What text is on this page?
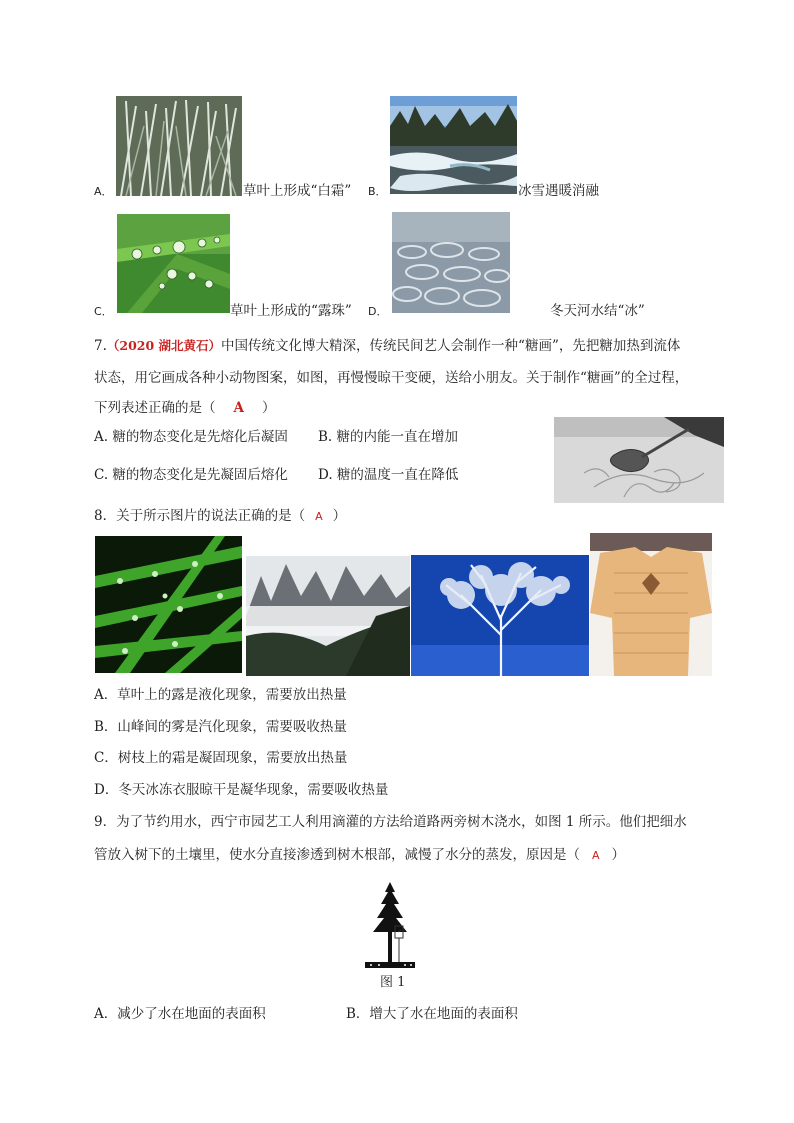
A．	草叶上形成“白霜” B．	冰雪遇暖消融
C．	草叶上形成的“露珠” D．	冬天河水结“冰”
7.（2020 湖北黄石）中国传统文化博大精深，传统民间艺人会制作一种“糖画”，先把糖加热到流体
状态，用它画成各种小动物图案，如图，再慢慢晾干变硬，送给小朋友。关于制作“糖画”的全过程，
下列表述正确的是（ A ）
A. 糖的物态变化是先熔化后凝固 B. 糖的内能一直在增加
C. 糖的物态变化是先凝固后熔化 D. 糖的温度一直在降低
8．关于所示图片的说法正确的是（ A ）
A．草叶上的露是液化现象，需要放出热量
B．山峰间的雾是汽化现象，需要吸收热量
C．树枝上的霜是凝固现象，需要放出热量
D．冬天冰冻衣服晾干是凝华现象，需要吸收热量
9．为了节约用水，西宁市园艺工人利用滴灌的方法给道路两旁树木浇水，如图 1 所示。他们把细水
管放入树下的土壤里，使水分直接渗透到树木根部，减慢了水分的蒸发，原因是（ A ）
图 1
A．减少了水在地面的表面积	B．增大了水在地面的表面积
